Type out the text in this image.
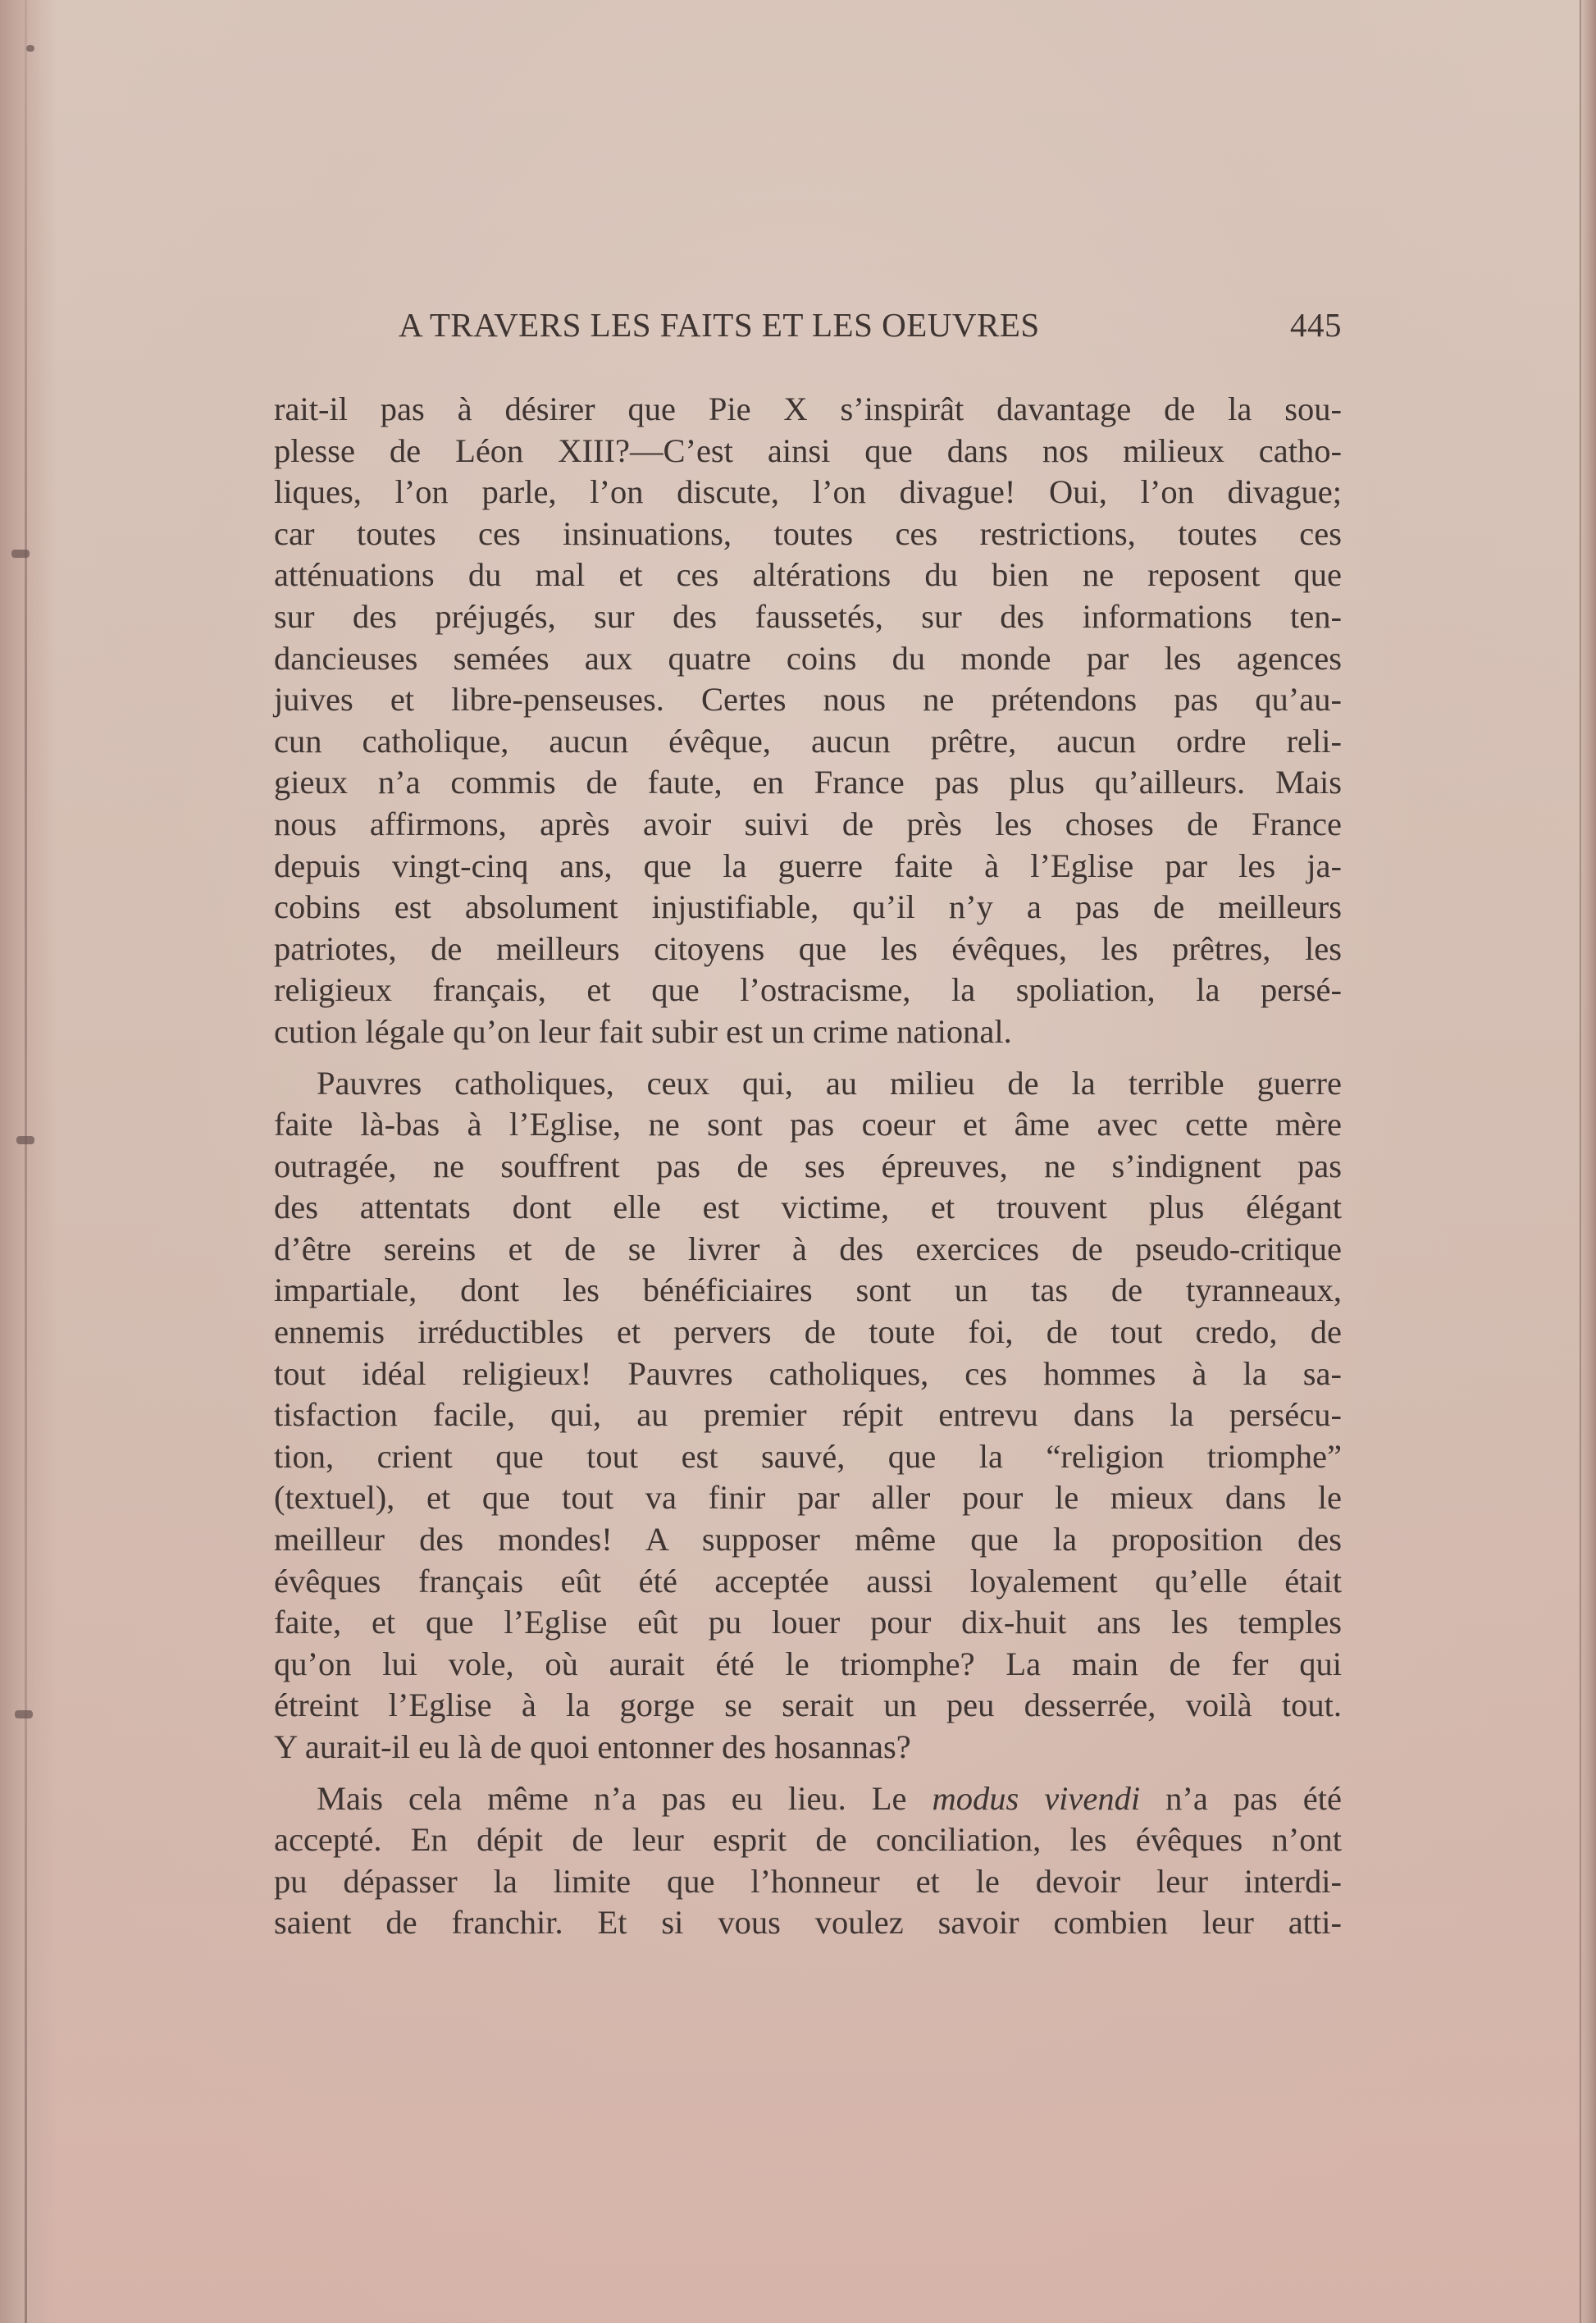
A TRAVERS LES FAITS ET LES OEUVRES	445
rait-il pas à désirer que Pie X s’inspirât davantage de la sou-
plesse de Léon XIII?—C’est ainsi que dans nos milieux catho-
liques, l’on parle, l’on discute, l’on divague! Oui, l’on divague;
car toutes ces insinuations, toutes ces restrictions, toutes ces
atténuations du mal et ces altérations du bien ne reposent que
sur des préjugés, sur des faussetés, sur des informations ten-
dancieuses semées aux quatre coins du monde par les agences
juives et libre-penseuses. Certes nous ne prétendons pas qu’au-
cun catholique, aucun évêque, aucun prêtre, aucun ordre reli-
gieux n’a commis de faute, en France pas plus qu’ailleurs. Mais
nous affirmons, après avoir suivi de près les choses de France
depuis vingt-cinq ans, que la guerre faite à l’Eglise par les ja-
cobins est absolument injustifiable, qu’il n’y a pas de meilleurs
patriotes, de meilleurs citoyens que les évêques, les prêtres, les
religieux français, et que l’ostracisme, la spoliation, la persé-
cution légale qu’on leur fait subir est un crime national.
Pauvres catholiques, ceux qui, au milieu de la terrible guerre
faite là-bas à l’Eglise, ne sont pas coeur et âme avec cette mère
outragée, ne souffrent pas de ses épreuves, ne s’indignent pas
des attentats dont elle est victime, et trouvent plus élégant
d’être sereins et de se livrer à des exercices de pseudo-critique
impartiale, dont les bénéficiaires sont un tas de tyranneaux,
ennemis irréductibles et pervers de toute foi, de tout credo, de
tout idéal religieux! Pauvres catholiques, ces hommes à la sa-
tisfaction facile, qui, au premier répit entrevu dans la persécu-
tion, crient que tout est sauvé, que la “religion triomphe”
(textuel), et que tout va finir par aller pour le mieux dans le
meilleur des mondes! A supposer même que la proposition des
évêques français eût été acceptée aussi loyalement qu’elle était
faite, et que l’Eglise eût pu louer pour dix-huit ans les temples
qu’on lui vole, où aurait été le triomphe? La main de fer qui
étreint l’Eglise à la gorge se serait un peu desserrée, voilà tout.
Y aurait-il eu là de quoi entonner des hosannas?
Mais cela même n’a pas eu lieu. Le modus vivendi n’a pas été
accepté. En dépit de leur esprit de conciliation, les évêques n’ont
pu dépasser la limite que l’honneur et le devoir leur interdi-
saient de franchir. Et si vous voulez savoir combien leur atti-
